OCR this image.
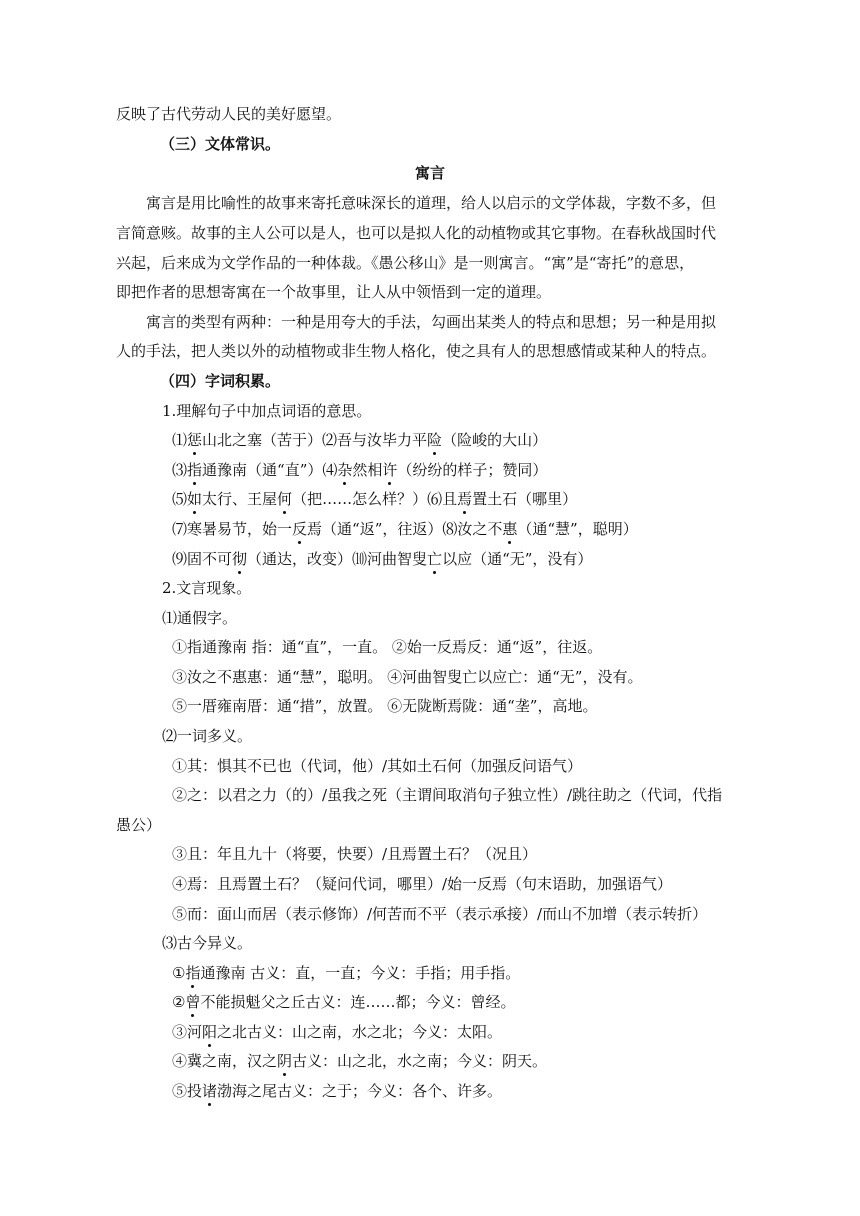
反映了古代劳动人民的美好愿望。
（三）文体常识。
寓言
寓言是用比喻性的故事来寄托意味深长的道理，给人以启示的文学体裁，字数不多，但
言简意赅。故事的主人公可以是人，也可以是拟人化的动植物或其它事物。在春秋战国时代
兴起，后来成为文学作品的一种体裁。《愚公移山》是一则寓言。“寓”是“寄托”的意思，
即把作者的思想寄寓在一个故事里，让人从中领悟到一定的道理。
寓言的类型有两种：一种是用夸大的手法，勾画出某类人的特点和思想；另一种是用拟
人的手法，把人类以外的动植物或非生物人格化，使之具有人的思想感情或某种人的特点。
（四）字词积累。
1.理解句子中加点词语的意思。
⑴惩山北之塞（苦于）⑵吾与汝毕力平险（险峻的大山）
⑶指通豫南（通“直”）⑷杂然相许（纷纷的样子；赞同）
⑸如太行、王屋何（把……怎么样？）⑹且焉置土石（哪里）
⑺寒暑易节，始一反焉（通“返”，往返）⑻汝之不惠（通“慧”，聪明）
⑼固不可彻（通达，改变）⑽河曲智叟亡以应（通“无”，没有）
2.文言现象。
⑴通假字。
①指通豫南 指：通“直”，一直。 ②始一反焉反：通“返”，往返。
③汝之不惠惠：通“慧”，聪明。 ④河曲智叟亡以应亡：通“无”，没有。
⑤一厝雍南厝：通“措”，放置。 ⑥无陇断焉陇：通“垄”，高地。
⑵一词多义。
①其：惧其不已也（代词，他）/其如土石何（加强反问语气）
②之：以君之力（的）/虽我之死（主谓间取消句子独立性）/跳往助之（代词，代指
愚公）
③且：年且九十（将要，快要）/且焉置土石？（况且）
④焉：且焉置土石？（疑问代词，哪里）/始一反焉（句末语助，加强语气）
⑤而：面山而居（表示修饰）/何苦而不平（表示承接）/而山不加增（表示转折）
⑶古今异义。
①指通豫南 古义：直，一直；今义：手指；用手指。
②曾不能损魁父之丘古义：连……都；今义：曾经。
③河阳之北古义：山之南，水之北；今义：太阳。
④冀之南，汉之阴古义：山之北，水之南；今义：阴天。
⑤投诸渤海之尾古义：之于；今义：各个、许多。
